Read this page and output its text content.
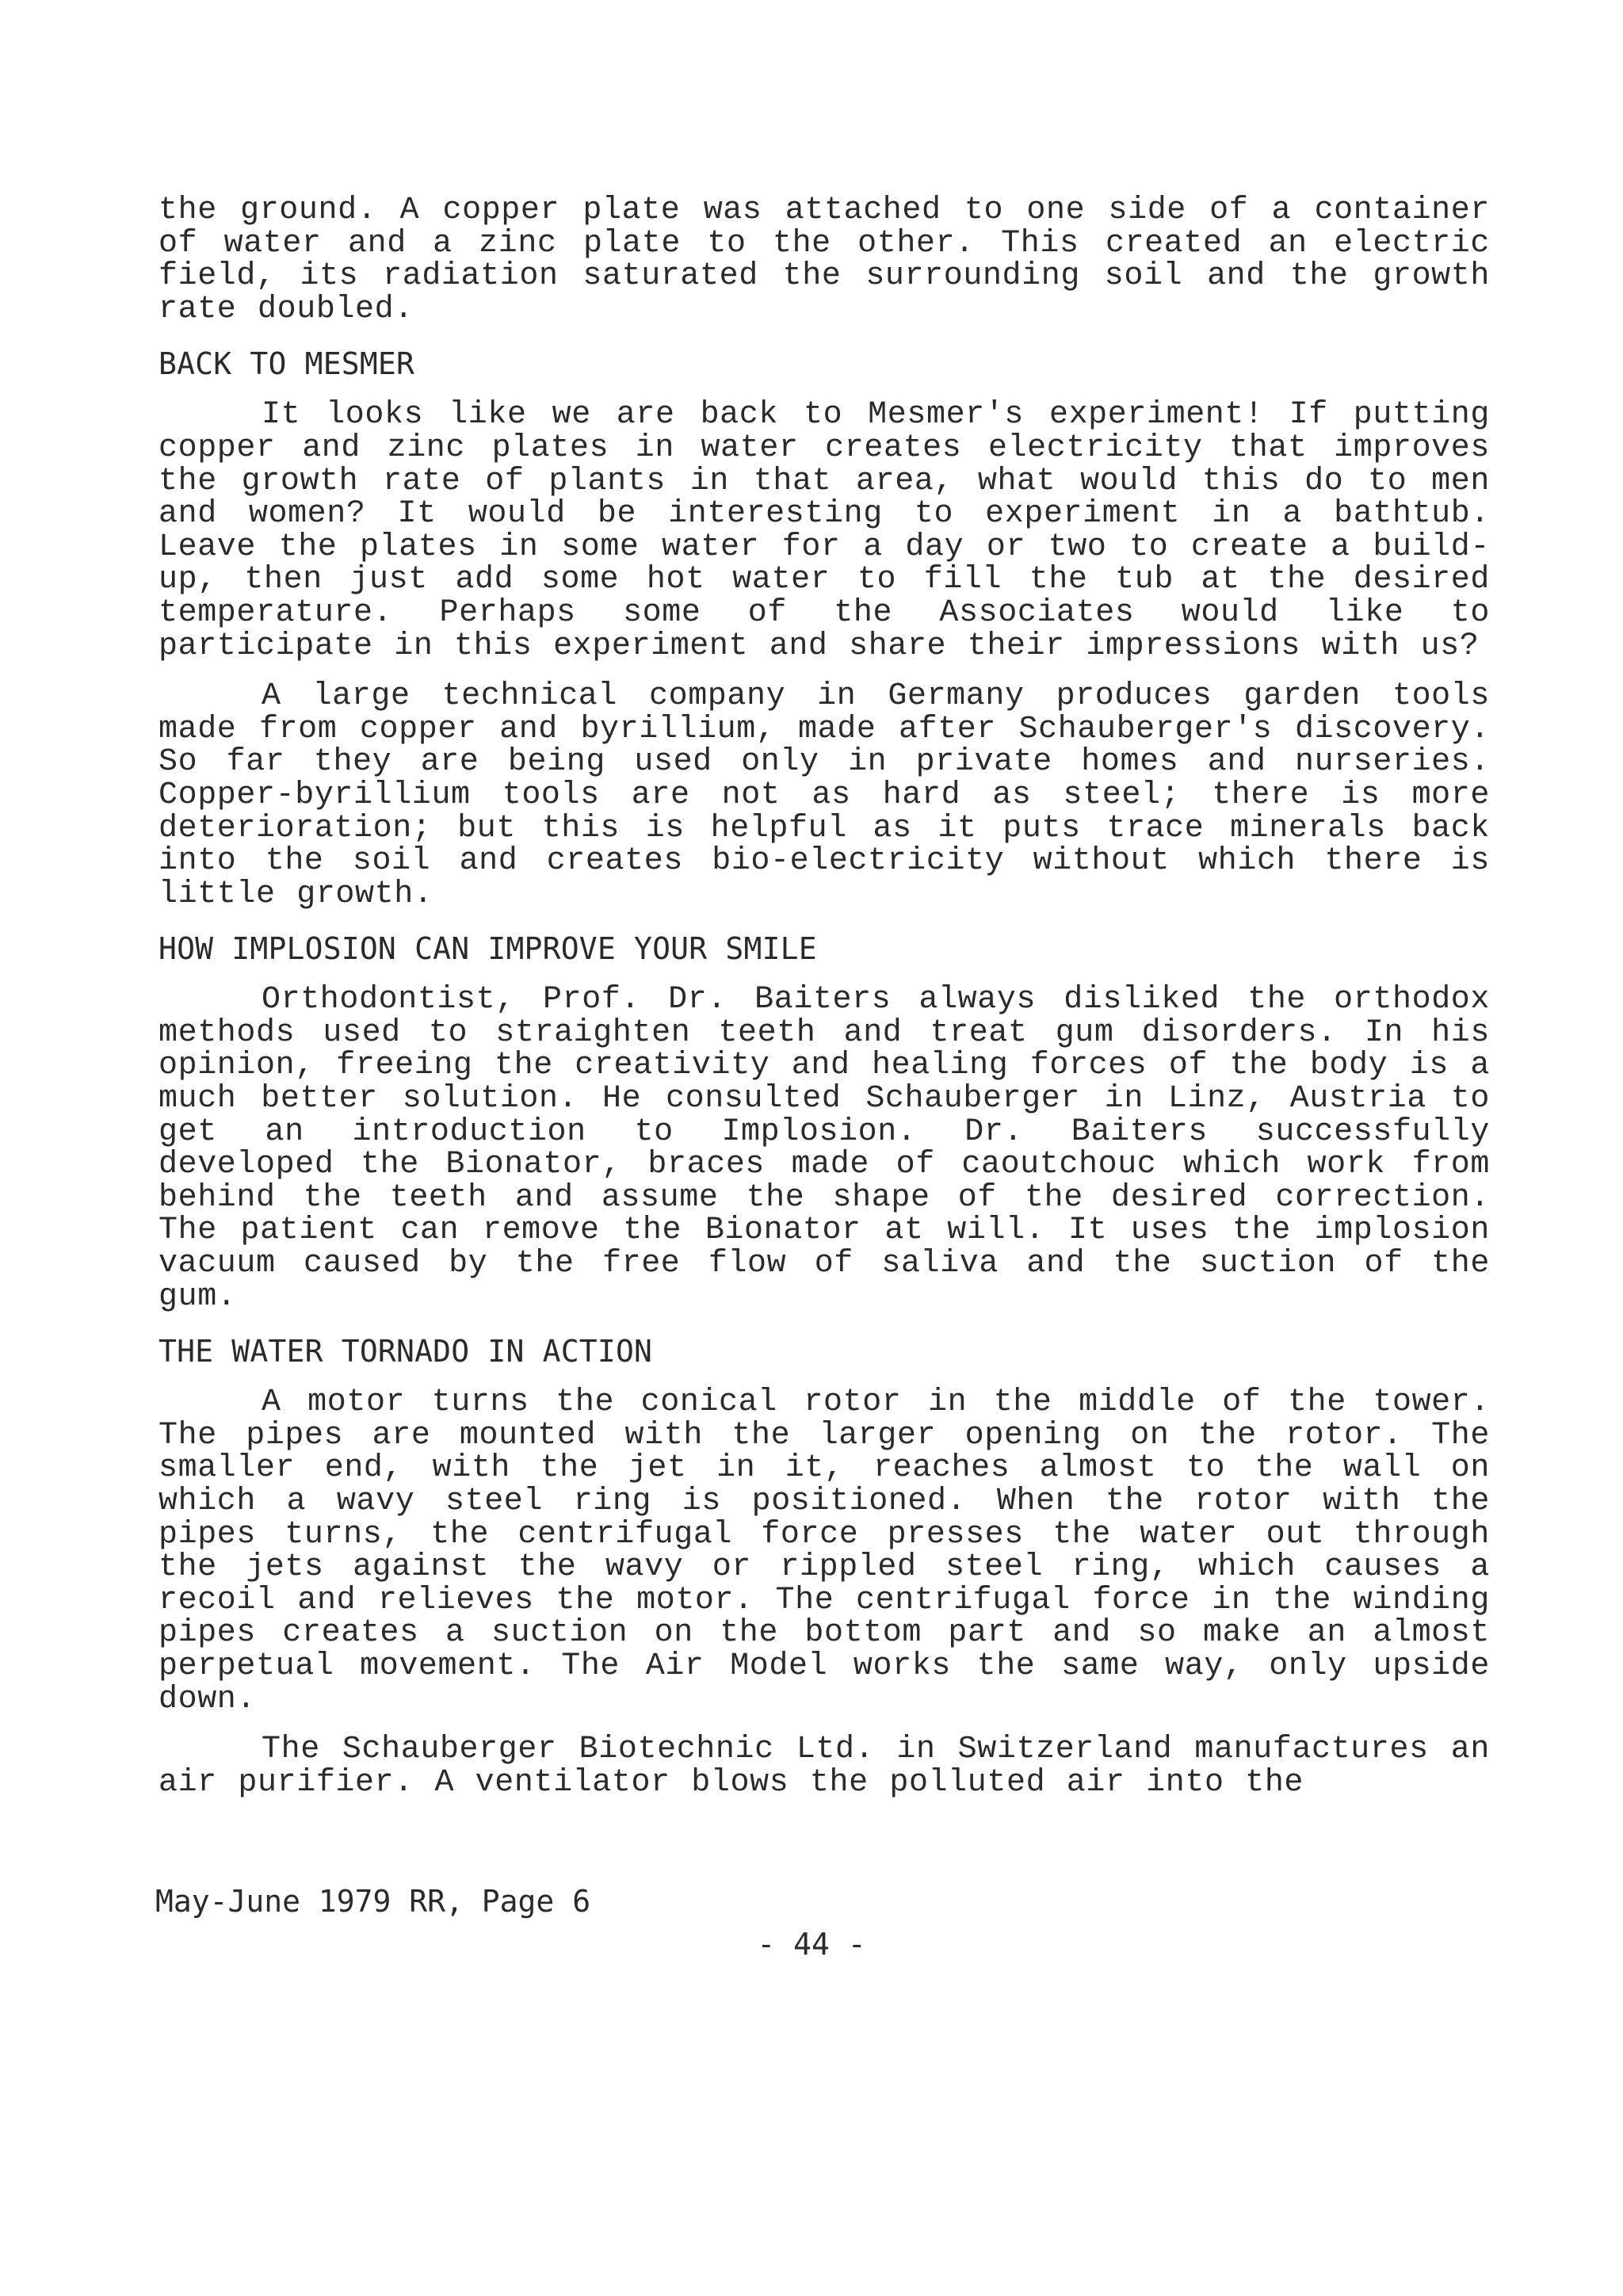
the ground. A copper plate was attached to one side of a container of water and a zinc plate to the other. This created an electric field, its radiation saturated the surrounding soil and the growth rate doubled.

BACK TO MESMER

It looks like we are back to Mesmer's experiment! If putting copper and zinc plates in water creates electricity that improves the growth rate of plants in that area, what would this do to men and women? It would be interesting to experiment in a bathtub. Leave the plates in some water for a day or two to create a build-up, then just add some hot water to fill the tub at the desired temperature. Perhaps some of the Associates would like to participate in this experiment and share their impressions with us?

A large technical company in Germany produces garden tools made from copper and byrillium, made after Schauberger's discovery. So far they are being used only in private homes and nurseries. Copper-byrillium tools are not as hard as steel; there is more deterioration; but this is helpful as it puts trace minerals back into the soil and creates bio-electricity without which there is little growth.

HOW IMPLOSION CAN IMPROVE YOUR SMILE

Orthodontist, Prof. Dr. Baiters always disliked the orthodox methods used to straighten teeth and treat gum disorders. In his opinion, freeing the creativity and healing forces of the body is a much better solution. He consulted Schauberger in Linz, Austria to get an introduction to Implosion. Dr. Baiters successfully developed the Bionator, braces made of caoutchouc which work from behind the teeth and assume the shape of the desired correction. The patient can remove the Bionator at will. It uses the implosion vacuum caused by the free flow of saliva and the suction of the gum.

THE WATER TORNADO IN ACTION

A motor turns the conical rotor in the middle of the tower. The pipes are mounted with the larger opening on the rotor. The smaller end, with the jet in it, reaches almost to the wall on which a wavy steel ring is positioned. When the rotor with the pipes turns, the centrifugal force presses the water out through the jets against the wavy or rippled steel ring, which causes a recoil and relieves the motor. The centrifugal force in the winding pipes creates a suction on the bottom part and so make an almost perpetual movement. The Air Model works the same way, only upside down.

The Schauberger Biotechnic Ltd. in Switzerland manufactures an air purifier. A ventilator blows the polluted air into the

May-June 1979 RR, Page 6
- 44 -
